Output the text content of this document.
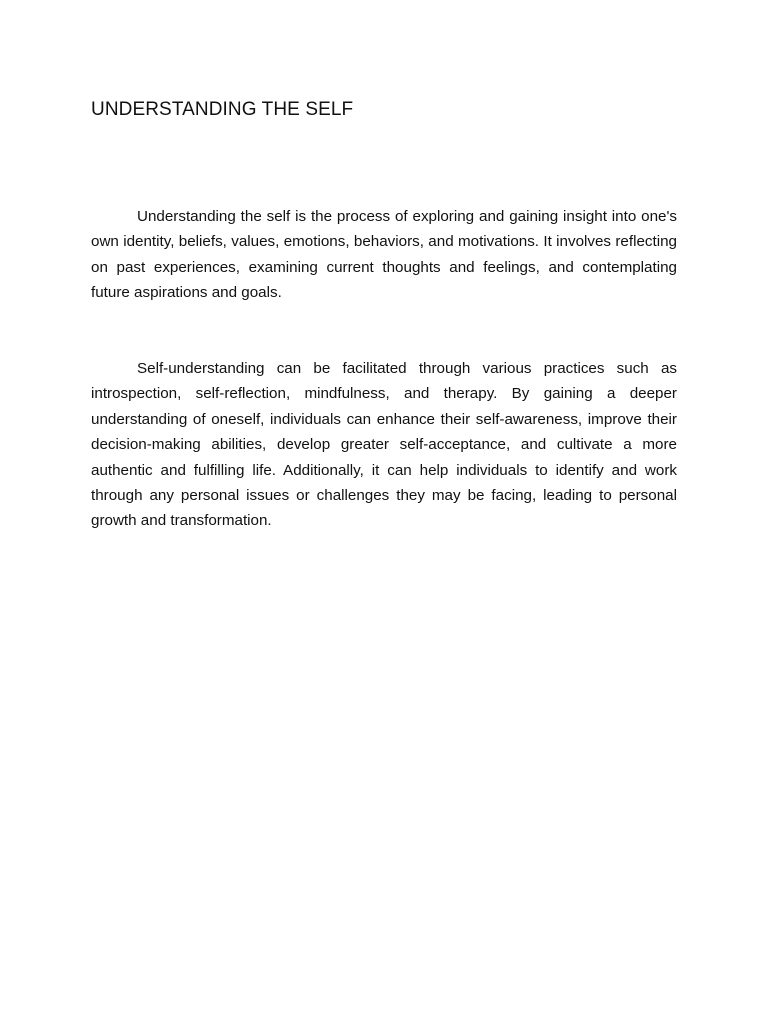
UNDERSTANDING THE SELF

Understanding the self is the process of exploring and gaining insight into one's own identity, beliefs, values, emotions, behaviors, and motivations. It involves reflecting on past experiences, examining current thoughts and feelings, and contemplating future aspirations and goals.

Self-understanding can be facilitated through various practices such as introspection, self-reflection, mindfulness, and therapy. By gaining a deeper understanding of oneself, individuals can enhance their self-awareness, improve their decision-making abilities, develop greater self-acceptance, and cultivate a more authentic and fulfilling life. Additionally, it can help individuals to identify and work through any personal issues or challenges they may be facing, leading to personal growth and transformation.
